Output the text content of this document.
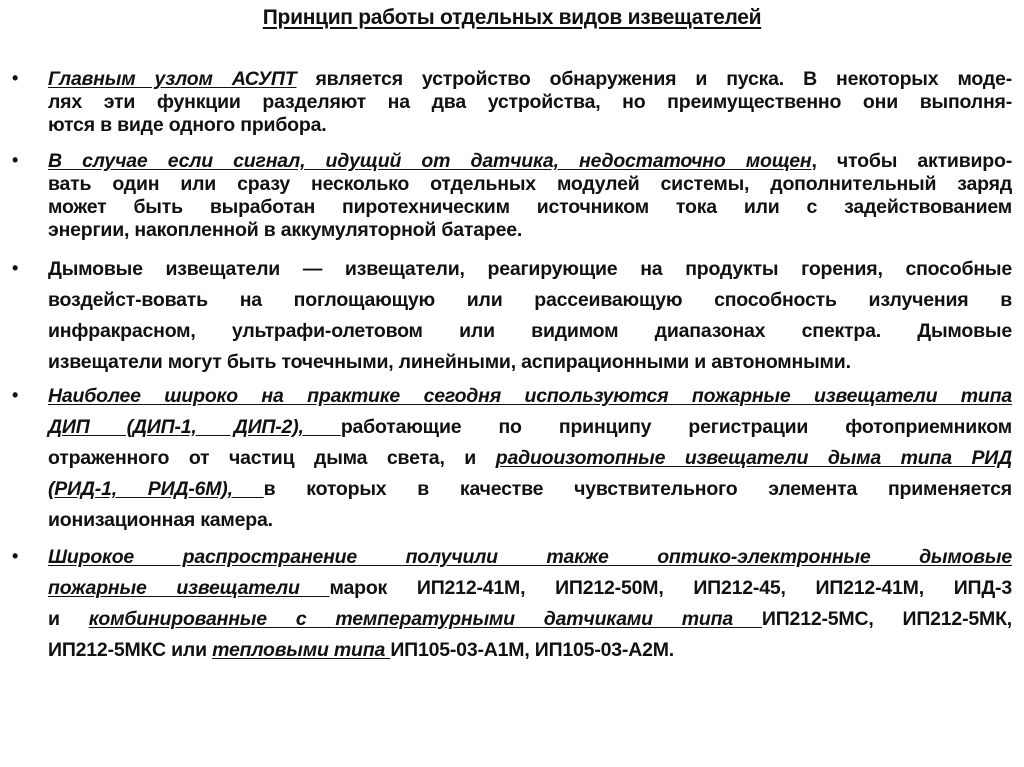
Принцип работы отдельных видов извещателей
• Главным узлом АСУПТ является устройство обнаружения и пуска. В некоторых моде-
лях эти функции разделяют на два устройства, но преимущественно они выполня-
ются в виде одного прибора.
• В случае если сигнал, идущий от датчика, недостаточно мощен, чтобы активиро-
вать один или сразу несколько отдельных модулей системы, дополнительный заряд
может быть выработан пиротехническим источником тока или с задействованием
энергии, накопленной в аккумуляторной батарее.
• Дымовые извещатели — извещатели, реагирующие на продукты горения, способные
воздейст-вовать на поглощающую или рассеивающую способность излучения в
инфракрасном, ультрафи-олетовом или видимом диапазонах спектра. Дымовые
извещатели могут быть точечными, линейными, аспирационными и автономными.
• Наиболее широко на практике сегодня используются пожарные извещатели типа
ДИП (ДИП-1, ДИП-2), работающие по принципу регистрации фотоприемником
отраженного от частиц дыма света, и радиоизотопные извещатели дыма типа РИД
(РИД-1, РИД-6М), в которых в качестве чувствительного элемента применяется
ионизационная камера.
• Широкое распространение получили также оптико-электронные дымовые
пожарные извещатели марок ИП212-41М, ИП212-50М, ИП212-45, ИП212-41М, ИПД-3
и комбинированные с температурными датчиками типа ИП212-5МС, ИП212-5МК,
ИП212-5МКС или тепловыми типа ИП105-03-А1М, ИП105-03-А2М.
